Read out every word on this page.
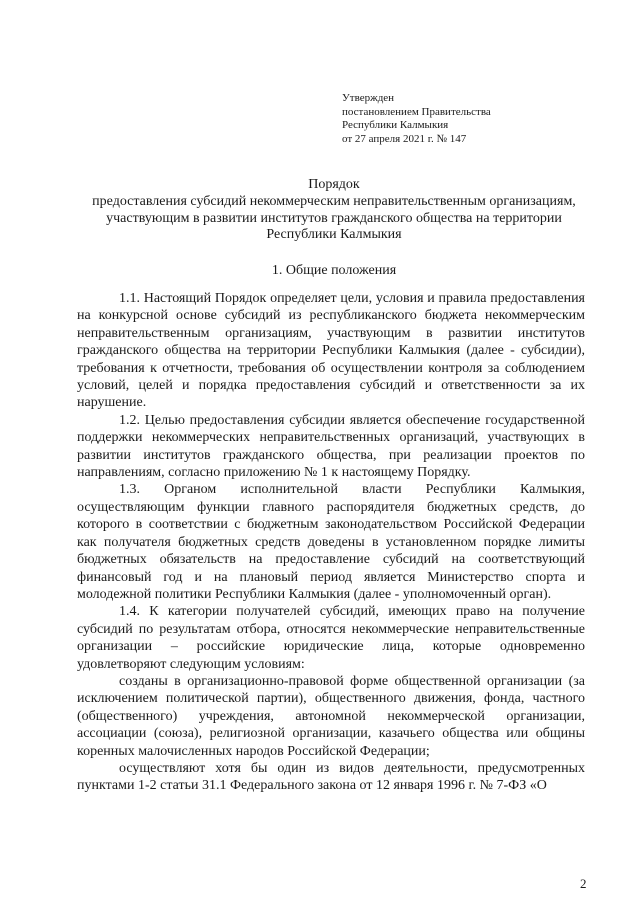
Утвержден
постановлением Правительства
Республики Калмыкия
от 27 апреля 2021 г. № 147
Порядок
предоставления субсидий некоммерческим неправительственным организациям, участвующим в развитии институтов гражданского общества на территории Республики Калмыкия
1. Общие положения

1.1. Настоящий Порядок определяет цели, условия и правила предоставления на конкурсной основе субсидий из республиканского бюджета некоммерческим неправительственным организациям, участвующим в развитии институтов гражданского общества на территории Республики Калмыкия (далее - субсидии), требования к отчетности, требования об осуществлении контроля за соблюдением условий, целей и порядка предоставления субсидий и ответственности за их нарушение.

1.2. Целью предоставления субсидии является обеспечение государственной поддержки некоммерческих неправительственных организаций, участвующих в развитии институтов гражданского общества, при реализации проектов по направлениям, согласно приложению № 1 к настоящему Порядку.

1.3. Органом исполнительной власти Республики Калмыкия, осуществляющим функции главного распорядителя бюджетных средств, до которого в соответствии с бюджетным законодательством Российской Федерации как получателя бюджетных средств доведены в установленном порядке лимиты бюджетных обязательств на предоставление субсидий на соответствующий финансовый год и на плановый период является Министерство спорта и молодежной политики Республики Калмыкия (далее - уполномоченный орган).

1.4. К категории получателей субсидий, имеющих право на получение субсидий по результатам отбора, относятся некоммерческие неправительственные организации – российские юридические лица, которые одновременно удовлетворяют следующим условиям:

созданы в организационно-правовой форме общественной организации (за исключением политической партии), общественного движения, фонда, частного (общественного) учреждения, автономной некоммерческой организации, ассоциации (союза), религиозной организации, казачьего общества или общины коренных малочисленных народов Российской Федерации;

осуществляют хотя бы один из видов деятельности, предусмотренных пунктами 1-2 статьи 31.1 Федерального закона от 12 января 1996 г. № 7-ФЗ «О

2
